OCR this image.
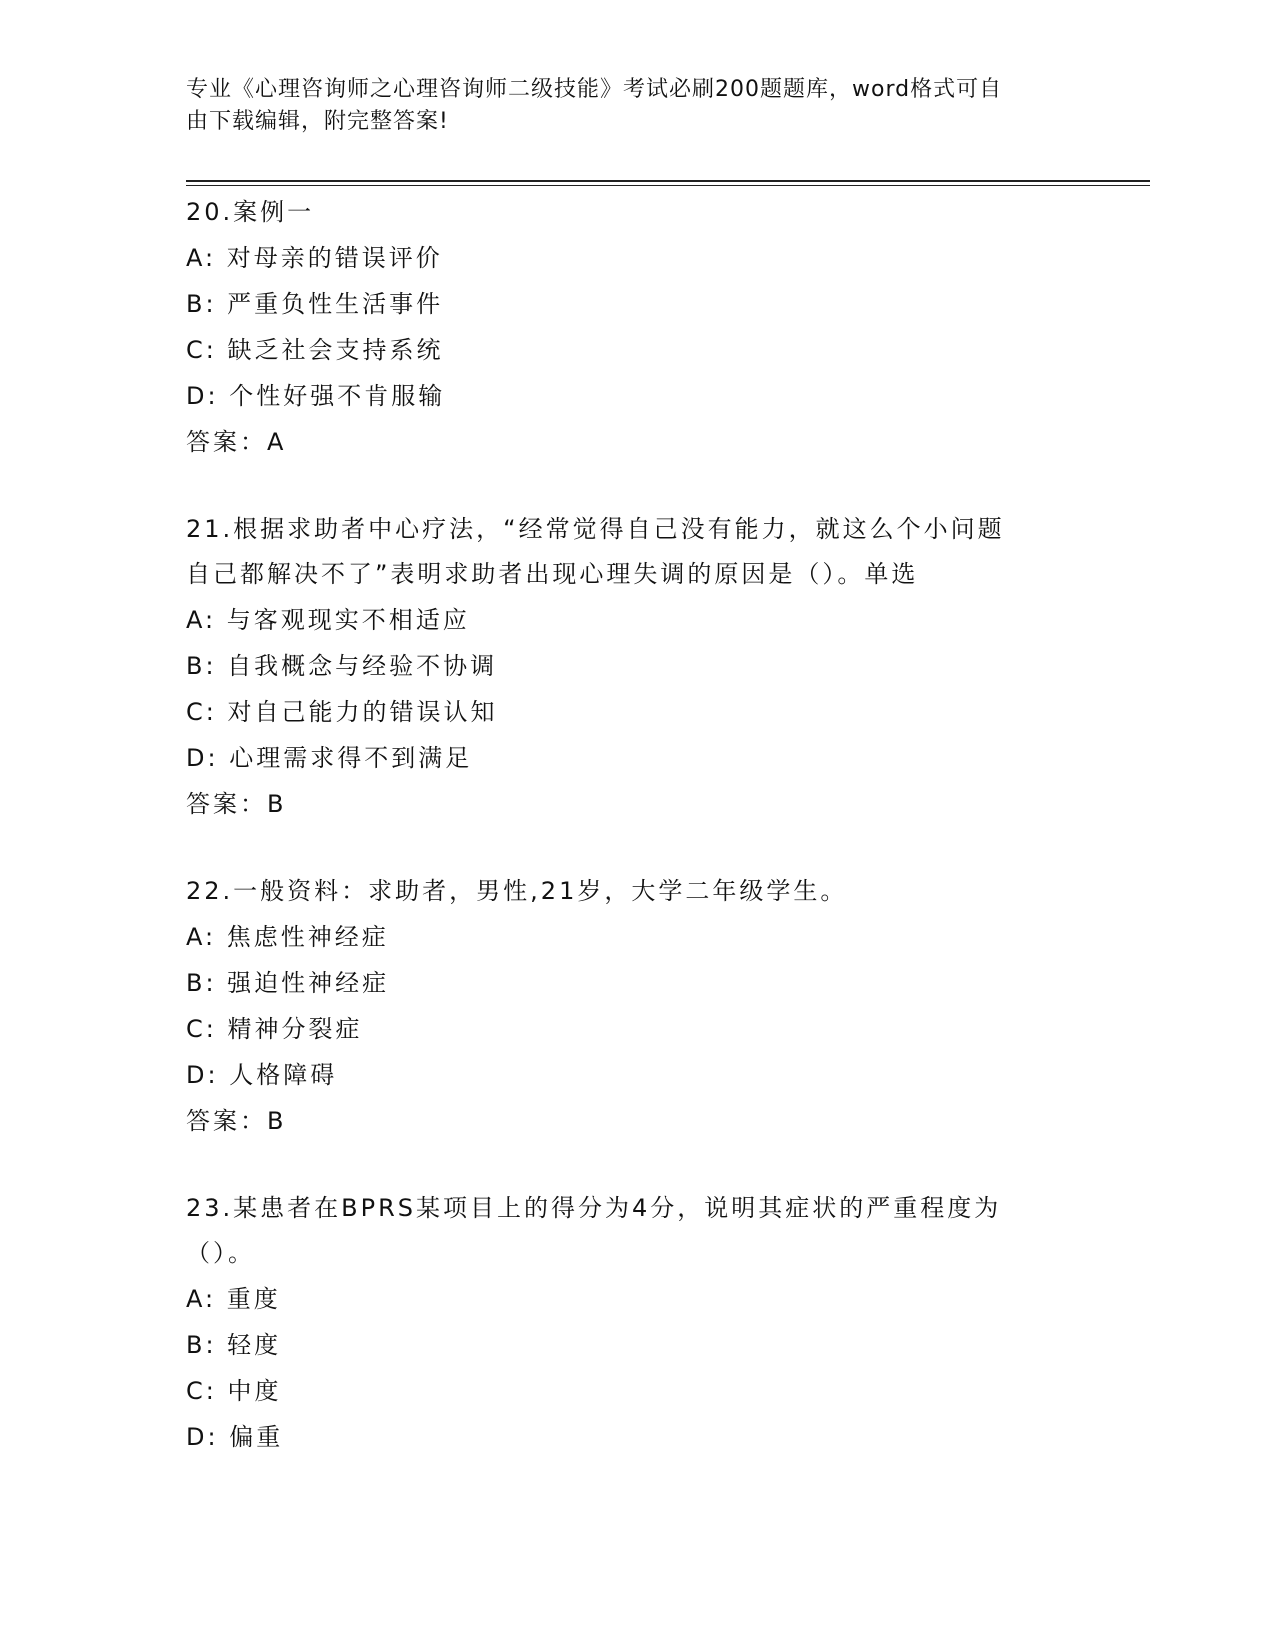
专业《心理咨询师之心理咨询师二级技能》考试必刷200题题库，word格式可自
由下载编辑，附完整答案!
20.案例一
A: 对母亲的错误评价
B: 严重负性生活事件
C: 缺乏社会支持系统
D: 个性好强不肯服输
答案：A
21.根据求助者中心疗法，“经常觉得自己没有能力，就这么个小问题
自己都解决不了”表明求助者出现心理失调的原因是（）。单选
A: 与客观现实不相适应
B: 自我概念与经验不协调
C: 对自己能力的错误认知
D: 心理需求得不到满足
答案：B
22.一般资料：求助者，男性,21岁，大学二年级学生。
A: 焦虑性神经症
B: 强迫性神经症
C: 精神分裂症
D: 人格障碍
答案：B
23.某患者在BPRS某项目上的得分为4分，说明其症状的严重程度为
（）。
A: 重度
B: 轻度
C: 中度
D: 偏重
